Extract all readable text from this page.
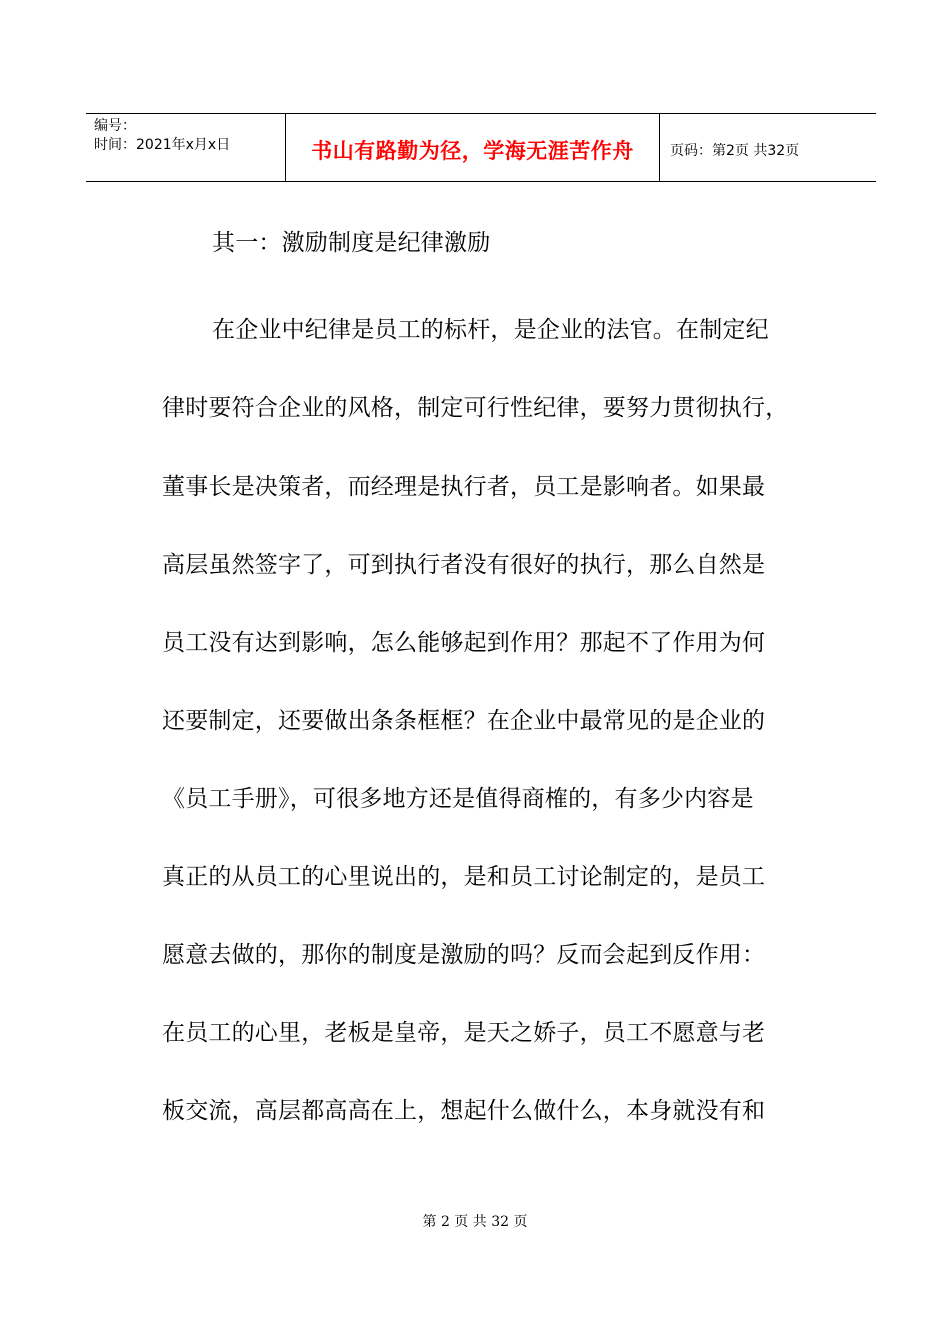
编号：
时间：2021年x月x日	书山有路勤为径，学海无涯苦作舟	页码：第2页 共32页
其一：激励制度是纪律激励
在企业中纪律是员工的标杆，是企业的法官。在制定纪
律时要符合企业的风格，制定可行性纪律，要努力贯彻执行，
董事长是决策者，而经理是执行者，员工是影响者。如果最
高层虽然签字了，可到执行者没有很好的执行，那么自然是
员工没有达到影响，怎么能够起到作用？那起不了作用为何
还要制定，还要做出条条框框？在企业中最常见的是企业的
《员工手册》，可很多地方还是值得商榷的，有多少内容是
真正的从员工的心里说出的，是和员工讨论制定的，是员工
愿意去做的，那你的制度是激励的吗？反而会起到反作用：
在员工的心里，老板是皇帝，是天之娇子，员工不愿意与老
板交流，高层都高高在上，想起什么做什么，本身就没有和
第 2 页 共 32 页
